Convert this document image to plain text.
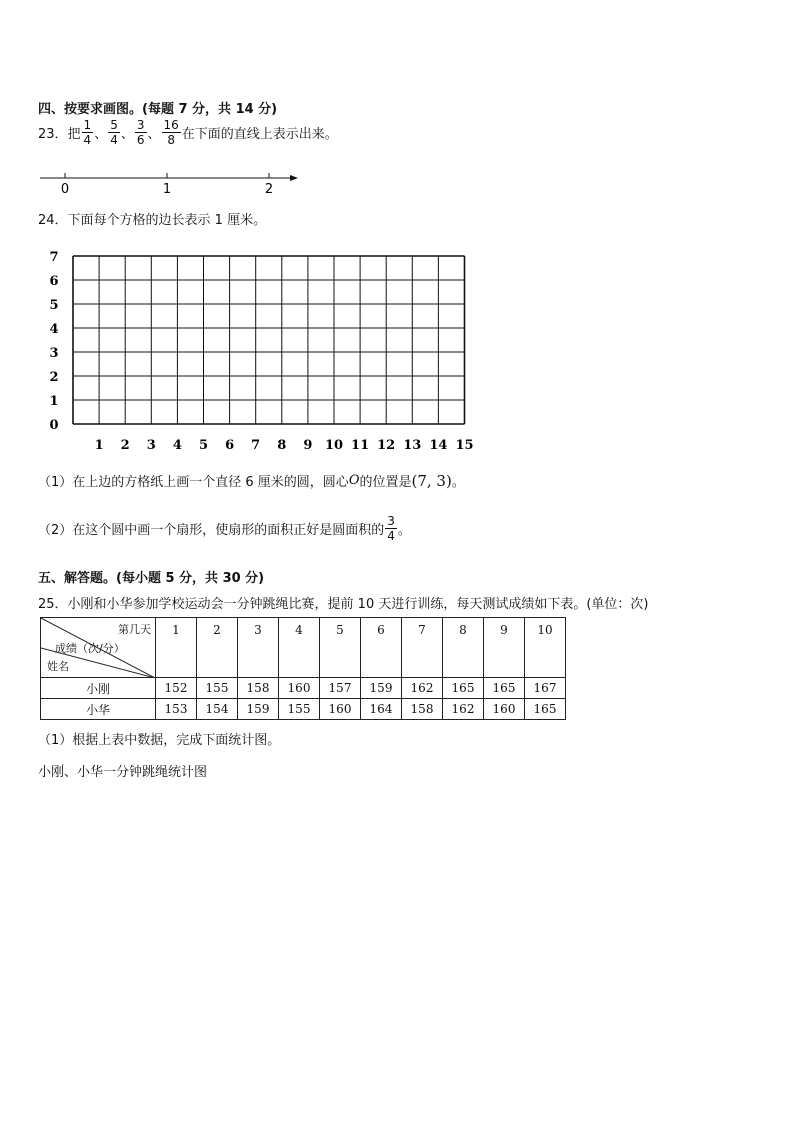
四、按要求画图。(每题 7 分，共 14 分)
23．把 $\frac{1}{4}$ 、 $\frac{5}{4}$ 、 $\frac{3}{6}$ 、 $\frac{16}{8}$ 在下面的直线上表示出来。
0	1	2
24．下面每个方格的边长表示 1 厘米。
0
1
2
3
4
5
6
7
1 2 3 4 5 6 7 8 9 10 11 12 13 14 15
（1）在上边的方格纸上画一个直径 6 厘米的圆，圆心 O 的位置是 (7, 3) 。
（2）在这个圆中画一个扇形，使扇形的面积正好是圆面积的 $\frac{3}{4}$ 。
五、解答题。(每小题 5 分，共 30 分)
25．小刚和小华参加学校运动会一分钟跳绳比赛，提前 10 天进行训练，每天测试成绩如下表。(单位：次)
第几天
成绩（次/分）
姓名	1	2	3	4	5	6	7	8	9	10
小刚	152	155	158	160	157	159	162	165	165	167
小华	153	154	159	155	160	164	158	162	160	165
（1）根据上表中数据，完成下面统计图。
小刚、小华一分钟跳绳统计图
